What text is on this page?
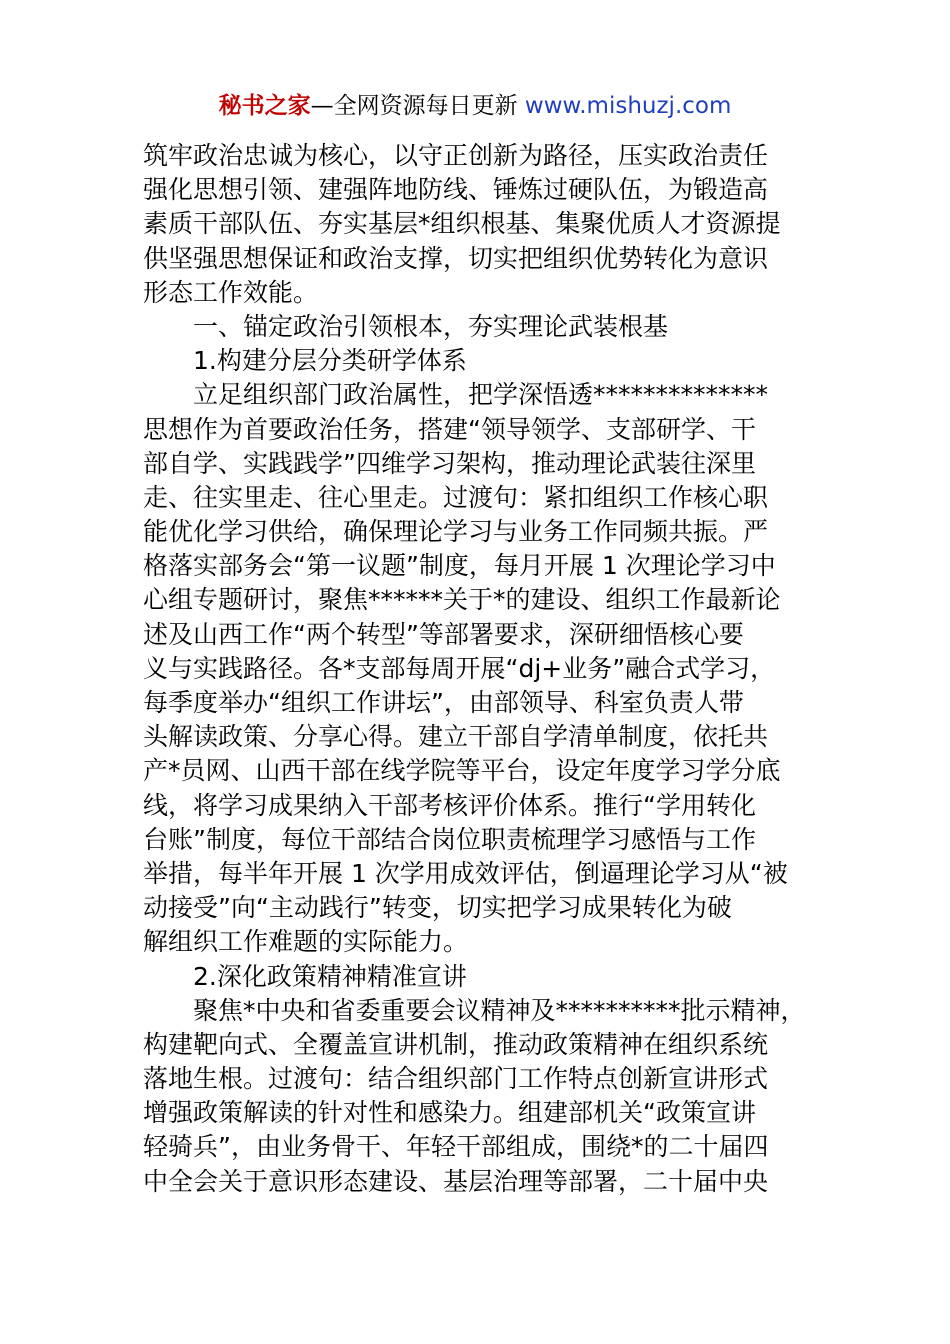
秘书之家—全网资源每日更新 www.mishuzj.com
筑牢政治忠诚为核心，以守正创新为路径，压实政治责任
强化思想引领、建强阵地防线、锤炼过硬队伍，为锻造高
素质干部队伍、夯实基层*组织根基、集聚优质人才资源提
供坚强思想保证和政治支撑，切实把组织优势转化为意识
形态工作效能。
一、锚定政治引领根本，夯实理论武装根基
1.构建分层分类研学体系
立足组织部门政治属性，把学深悟透**************
思想作为首要政治任务，搭建“领导领学、支部研学、干
部自学、实践践学”四维学习架构，推动理论武装往深里
走、往实里走、往心里走。过渡句：紧扣组织工作核心职
能优化学习供给，确保理论学习与业务工作同频共振。严
格落实部务会“第一议题”制度，每月开展 1 次理论学习中
心组专题研讨，聚焦******关于*的建设、组织工作最新论
述及山西工作“两个转型”等部署要求，深研细悟核心要
义与实践路径。各*支部每周开展“dj+业务”融合式学习，
每季度举办“组织工作讲坛”，由部领导、科室负责人带
头解读政策、分享心得。建立干部自学清单制度，依托共
产*员网、山西干部在线学院等平台，设定年度学习学分底
线，将学习成果纳入干部考核评价体系。推行“学用转化
台账”制度，每位干部结合岗位职责梳理学习感悟与工作
举措，每半年开展 1 次学用成效评估，倒逼理论学习从“被
动接受”向“主动践行”转变，切实把学习成果转化为破
解组织工作难题的实际能力。
2.深化政策精神精准宣讲
聚焦*中央和省委重要会议精神及**********批示精神，
构建靶向式、全覆盖宣讲机制，推动政策精神在组织系统
落地生根。过渡句：结合组织部门工作特点创新宣讲形式
增强政策解读的针对性和感染力。组建部机关“政策宣讲
轻骑兵”，由业务骨干、年轻干部组成，围绕*的二十届四
中全会关于意识形态建设、基层治理等部署，二十届中央
